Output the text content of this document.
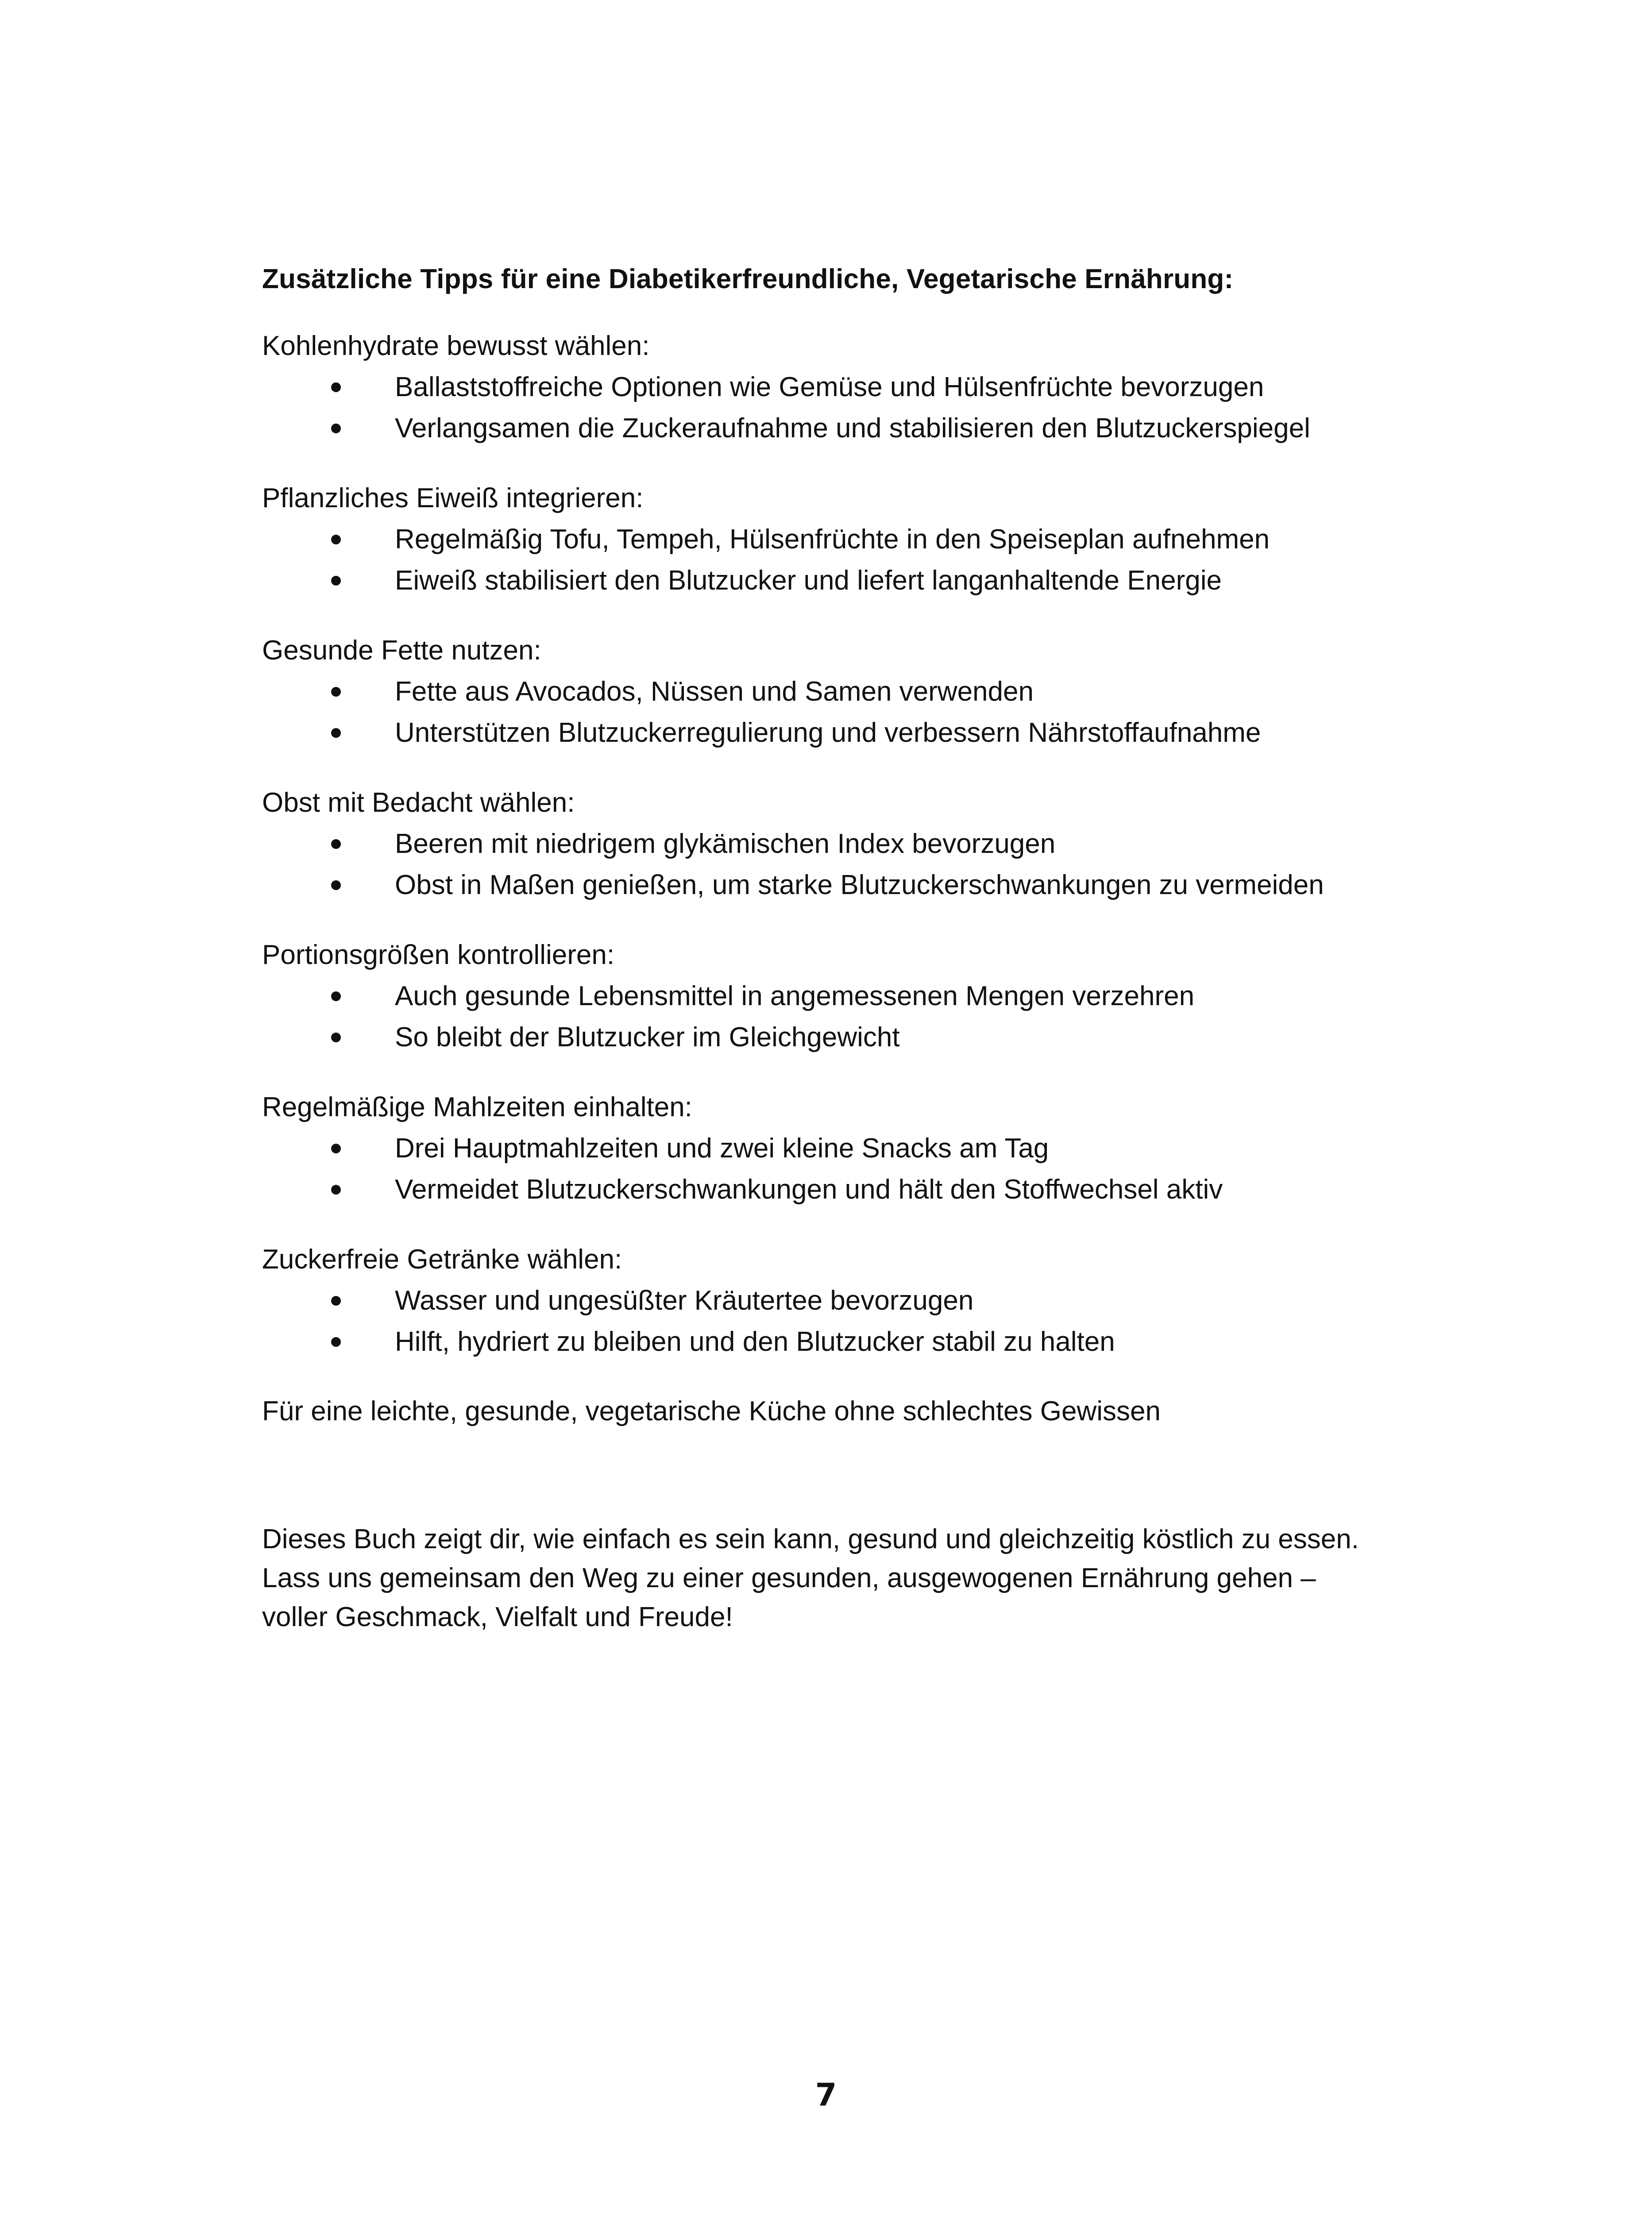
Zusätzliche Tipps für eine Diabetikerfreundliche, Vegetarische Ernährung:

Kohlenhydrate bewusst wählen:

Ballaststoffreiche Optionen wie Gemüse und Hülsenfrüchte bevorzugen
Verlangsamen die Zuckeraufnahme und stabilisieren den Blutzuckerspiegel

Pflanzliches Eiweiß integrieren:

Regelmäßig Tofu, Tempeh, Hülsenfrüchte in den Speiseplan aufnehmen
Eiweiß stabilisiert den Blutzucker und liefert langanhaltende Energie

Gesunde Fette nutzen:

Fette aus Avocados, Nüssen und Samen verwenden
Unterstützen Blutzuckerregulierung und verbessern Nährstoffaufnahme

Obst mit Bedacht wählen:

Beeren mit niedrigem glykämischen Index bevorzugen
Obst in Maßen genießen, um starke Blutzuckerschwankungen zu vermeiden

Portionsgrößen kontrollieren:

Auch gesunde Lebensmittel in angemessenen Mengen verzehren
So bleibt der Blutzucker im Gleichgewicht

Regelmäßige Mahlzeiten einhalten:

Drei Hauptmahlzeiten und zwei kleine Snacks am Tag
Vermeidet Blutzuckerschwankungen und hält den Stoffwechsel aktiv

Zuckerfreie Getränke wählen:

Wasser und ungesüßter Kräutertee bevorzugen
Hilft, hydriert zu bleiben und den Blutzucker stabil zu halten

Für eine leichte, gesunde, vegetarische Küche ohne schlechtes Gewissen

Dieses Buch zeigt dir, wie einfach es sein kann, gesund und gleichzeitig köstlich zu essen.
Lass uns gemeinsam den Weg zu einer gesunden, ausgewogenen Ernährung gehen –
voller Geschmack, Vielfalt und Freude!

7
